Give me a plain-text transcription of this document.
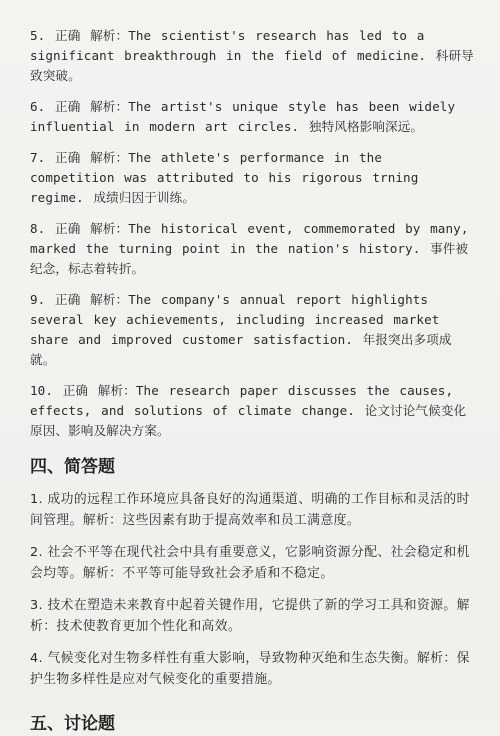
5. 正确 解析：The scientist's research has led to a significant breakthrough in the field of medicine. 科研导致突破。
6. 正确 解析：The artist's unique style has been widely influential in modern art circles. 独特风格影响深远。
7. 正确 解析：The athlete's performance in the competition was attributed to his rigorous trning regime. 成绩归因于训练。
8. 正确 解析：The historical event, commemorated by many, marked the turning point in the nation's history. 事件被纪念，标志着转折。
9. 正确 解析：The company's annual report highlights several key achievements, including increased market share and improved customer satisfaction. 年报突出多项成就。
10. 正确 解析：The research paper discusses the causes, effects, and solutions of climate change. 论文讨论气候变化原因、影响及解决方案。
四、简答题
1. 成功的远程工作环境应具备良好的沟通渠道、明确的工作目标和灵活的时间管理。解析：这些因素有助于提高效率和员工满意度。
2. 社会不平等在现代社会中具有重要意义，它影响资源分配、社会稳定和机会均等。解析：不平等可能导致社会矛盾和不稳定。
3. 技术在塑造未来教育中起着关键作用，它提供了新的学习工具和资源。解析：技术使教育更加个性化和高效。
4. 气候变化对生物多样性有重大影响，导致物种灭绝和生态失衡。解析：保护生物多样性是应对气候变化的重要措施。
五、讨论题
